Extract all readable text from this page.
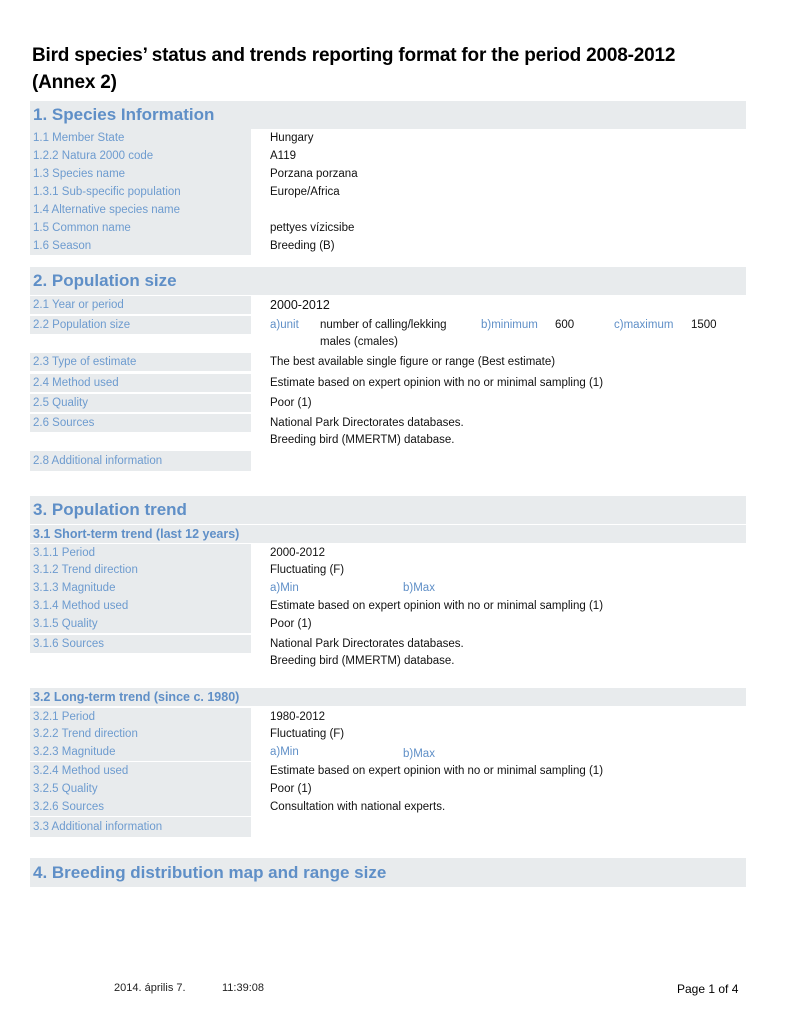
Bird species’ status and trends reporting format for the period 2008-2012
(Annex 2)
1. Species Information
1.1 Member State	Hungary
1.2.2 Natura 2000 code	A119
1.3 Species name	Porzana porzana
1.3.1 Sub-specific population	Europe/Africa
1.4 Alternative species name
1.5 Common name	pettyes vízicsibe
1.6 Season	Breeding (B)
2. Population size
2.1 Year or period	2000-2012
2.2 Population size	a)unit number of calling/lekking
males (cmales)
b)minimum 600	c)maximum 1500
2.3 Type of estimate	The best available single figure or range (Best estimate)
2.4 Method used	Estimate based on expert opinion with no or minimal sampling (1)
2.5 Quality	Poor (1)
2.6 Sources	National Park Directorates databases.
Breeding bird (MMERTM) database.
2.8 Additional information
3. Population trend
3.1 Short-term trend (last 12 years)
3.1.1 Period	2000-2012
3.1.2 Trend direction	Fluctuating (F)
3.1.3 Magnitude	a)Min	b)Max
3.1.4 Method used	Estimate based on expert opinion with no or minimal sampling (1)
3.1.5 Quality	Poor (1)
3.1.6 Sources	National Park Directorates databases.
Breeding bird (MMERTM) database.
3.2 Long-term trend (since c. 1980)
3.2.1 Period	1980-2012
3.2.2 Trend direction	Fluctuating (F)
3.2.3 Magnitude	a)Min	b)Max
3.2.4 Method used	Estimate based on expert opinion with no or minimal sampling (1)
3.2.5 Quality	Poor (1)
3.2.6 Sources	Consultation with national experts.
3.3 Additional information
4. Breeding distribution map and range size
2014. április 7.	11:39:08	Page 1 of 4
